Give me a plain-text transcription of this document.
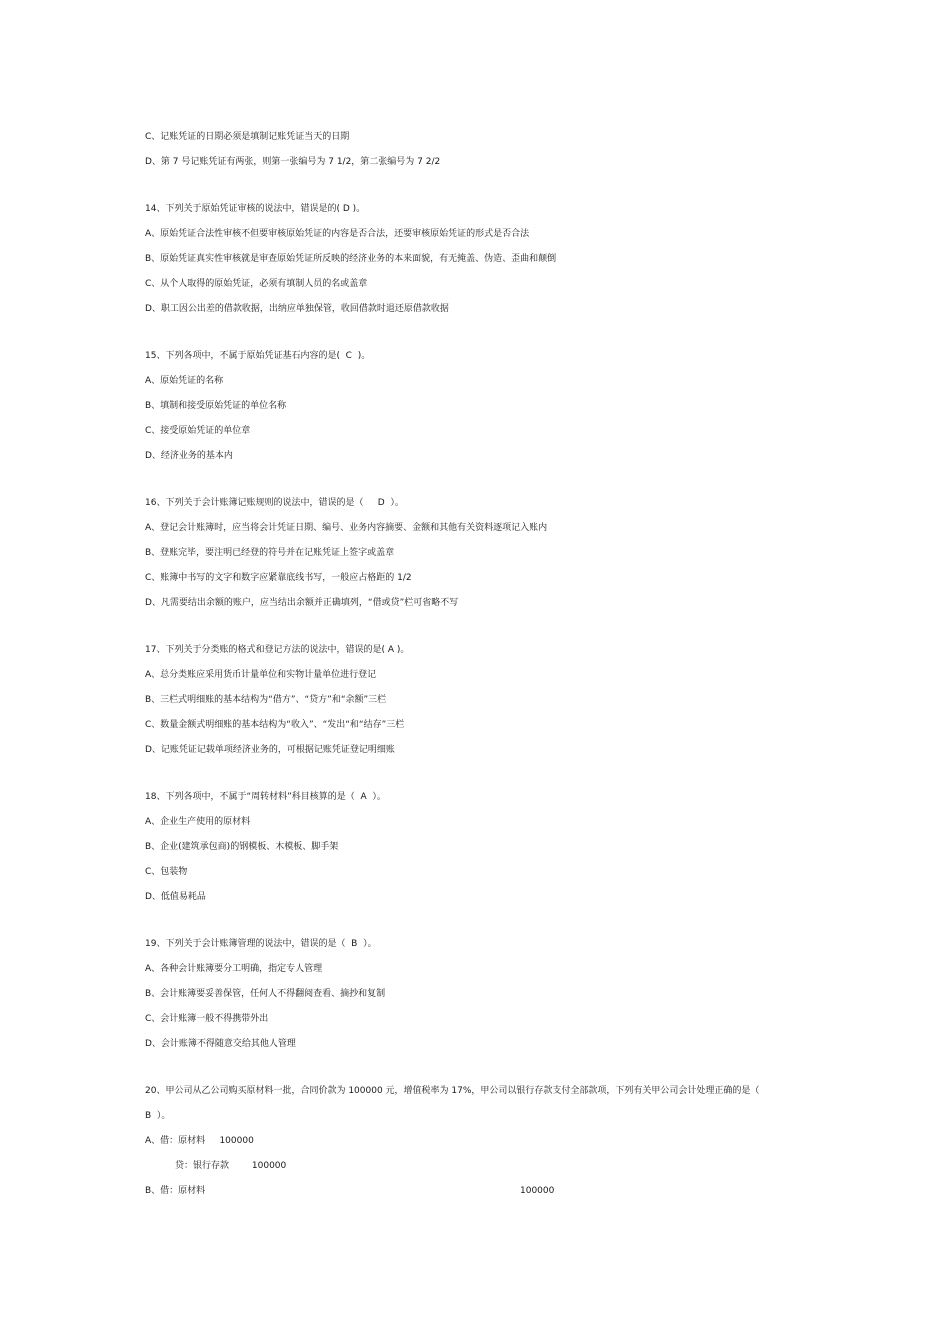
C、记账凭证的日期必须是填制记账凭证当天的日期
D、第 7 号记账凭证有两张，则第一张编号为 7 1/2，第二张编号为 7 2/2
14、下列关于原始凭证审核的说法中，错误是的( D )。
A、原始凭证合法性审核不但要审核原始凭证的内容是否合法，还要审核原始凭证的形式是否合法
B、原始凭证真实性审核就是审查原始凭证所反映的经济业务的本来面貌，有无掩盖、伪造、歪曲和颠倒
C、从个人取得的原始凭证，必须有填制人员的名或盖章
D、职工因公出差的借款收据，出纳应单独保管，收回借款时退还原借款收据
15、下列各项中，不属于原始凭证基石内容的是(  C  )。
A、原始凭证的名称
B、填制和接受原始凭证的单位名称
C、接受原始凭证的单位章
D、经济业务的基本内
16、下列关于会计账簿记账规则的说法中，错误的是（     D  ）。
A、登记会计账簿时，应当将会计凭证日期、编号、业务内容摘要、金额和其他有关资料逐项记入账内
B、登账完毕，要注明已经登的符号并在记账凭证上签字或盖章
C、账簿中书写的文字和数字应紧靠底线书写，一般应占格距的 1/2
D、凡需要结出余额的账户，应当结出余额并正确填列，“借或贷”栏可省略不写
17、下列关于分类账的格式和登记方法的说法中，错误的是( A )。
A、总分类账应采用货币计量单位和实物计量单位进行登记
B、三栏式明细账的基本结构为“借方”、“贷方”和“余额”三栏
C、数量金额式明细账的基本结构为“收入”、“发出“和“结存”三栏
D、记账凭证记载单项经济业务的，可根据记账凭证登记明细账
18、下列各项中，不属于“周转材料”科目核算的是（  A  ）。
A、企业生产使用的原材料
B、企业(建筑承包商)的钢模板、木模板、脚手架
C、包装物
D、低值易耗品
19、下列关于会计账簿管理的说法中，错误的是（  B  ）。
A、各种会计账簿要分工明确，指定专人管理
B、会计账簿要妥善保管，任何人不得翻阅查看、摘抄和复制
C、会计账簿一般不得携带外出
D、会计账簿不得随意交给其他人管理
20、甲公司从乙公司购买原材料一批，合同价款为 100000 元，增值税率为 17%，甲公司以银行存款支付全部款项，下列有关甲公司会计处理正确的是（
B  ）。
A、借：原材料     100000
贷：银行存款        100000
B、借：原材料	100000
